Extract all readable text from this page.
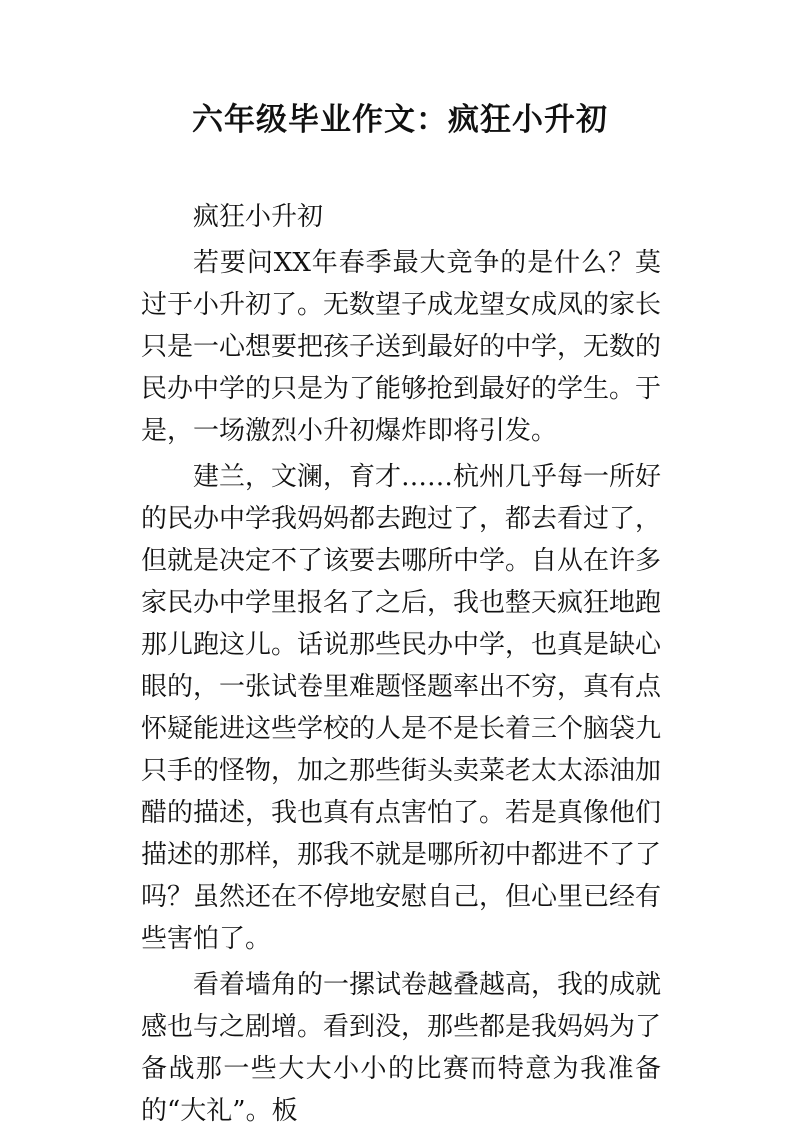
六年级毕业作文：疯狂小升初

疯狂小升初

若要问XX年春季最大竞争的是什么？莫过于小升初了。无数望子成龙望女成凤的家长只是一心想要把孩子送到最好的中学，无数的民办中学的只是为了能够抢到最好的学生。于是，一场激烈小升初爆炸即将引发。

建兰，文澜，育才……杭州几乎每一所好的民办中学我妈妈都去跑过了，都去看过了，但就是决定不了该要去哪所中学。自从在许多家民办中学里报名了之后，我也整天疯狂地跑那儿跑这儿。话说那些民办中学，也真是缺心眼的，一张试卷里难题怪题率出不穷，真有点怀疑能进这些学校的人是不是长着三个脑袋九只手的怪物，加之那些街头卖菜老太太添油加醋的描述，我也真有点害怕了。若是真像他们描述的那样，那我不就是哪所初中都进不了了吗？虽然还在不停地安慰自己，但心里已经有些害怕了。

看着墙角的一摞试卷越叠越高，我的成就感也与之剧增。看到没，那些都是我妈妈为了备战那一些大大小小的比赛而特意为我准备的“大礼”。板
